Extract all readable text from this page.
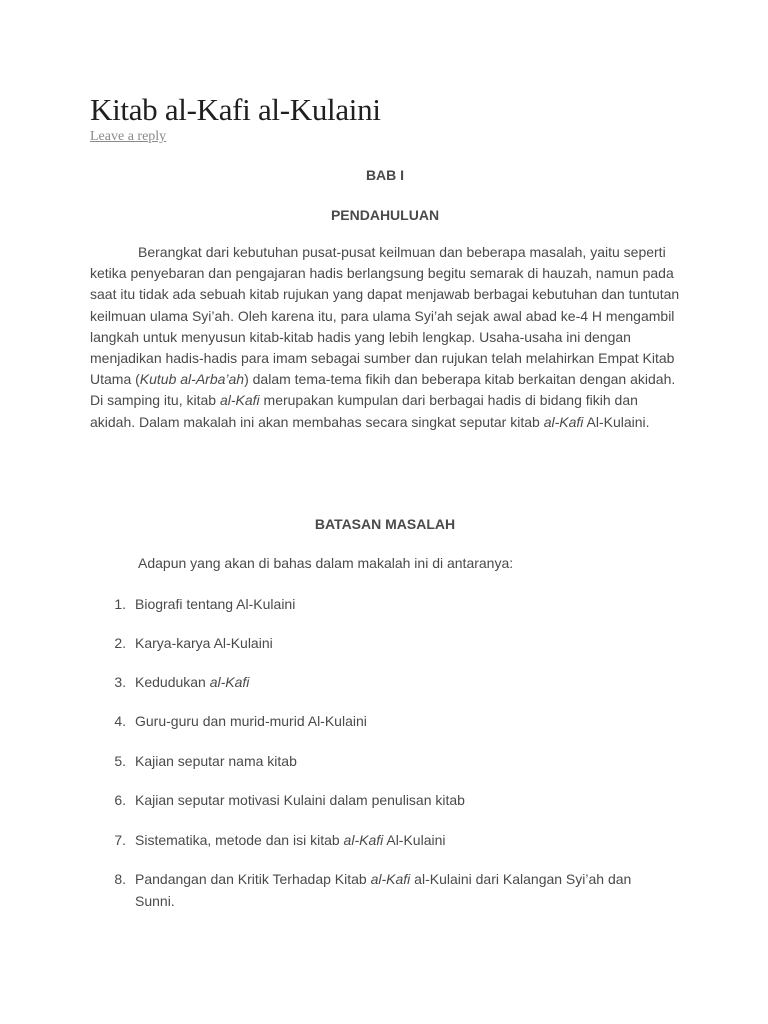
Kitab al-Kafi al-Kulaini
Leave a reply
BAB I
PENDAHULUAN

Berangkat dari kebutuhan pusat-pusat keilmuan dan beberapa masalah, yaitu seperti ketika penyebaran dan pengajaran hadis berlangsung begitu semarak di hauzah, namun pada saat itu tidak ada sebuah kitab rujukan yang dapat menjawab berbagai kebutuhan dan tuntutan keilmuan ulama Syi’ah. Oleh karena itu, para ulama Syi’ah sejak awal abad ke-4 H mengambil langkah untuk menyusun kitab-kitab hadis yang lebih lengkap. Usaha-usaha ini dengan menjadikan hadis-hadis para imam sebagai sumber dan rujukan telah melahirkan Empat Kitab Utama (Kutub al-Arba’ah) dalam tema-tema fikih dan beberapa kitab berkaitan dengan akidah. Di samping itu, kitab al-Kafi merupakan kumpulan dari berbagai hadis di bidang fikih dan akidah. Dalam makalah ini akan membahas secara singkat seputar kitab al-Kafi Al-Kulaini.

BATASAN MASALAH
Adapun yang akan di bahas dalam makalah ini di antaranya:
1. Biografi tentang Al-Kulaini
2. Karya-karya Al-Kulaini
3. Kedudukan al-Kafi
4. Guru-guru dan murid-murid Al-Kulaini
5. Kajian seputar nama kitab
6. Kajian seputar motivasi Kulaini dalam penulisan kitab
7. Sistematika, metode dan isi kitab al-Kafi Al-Kulaini
8. Pandangan dan Kritik Terhadap Kitab al-Kafi al-Kulaini dari Kalangan Syi’ah dan Sunni.
